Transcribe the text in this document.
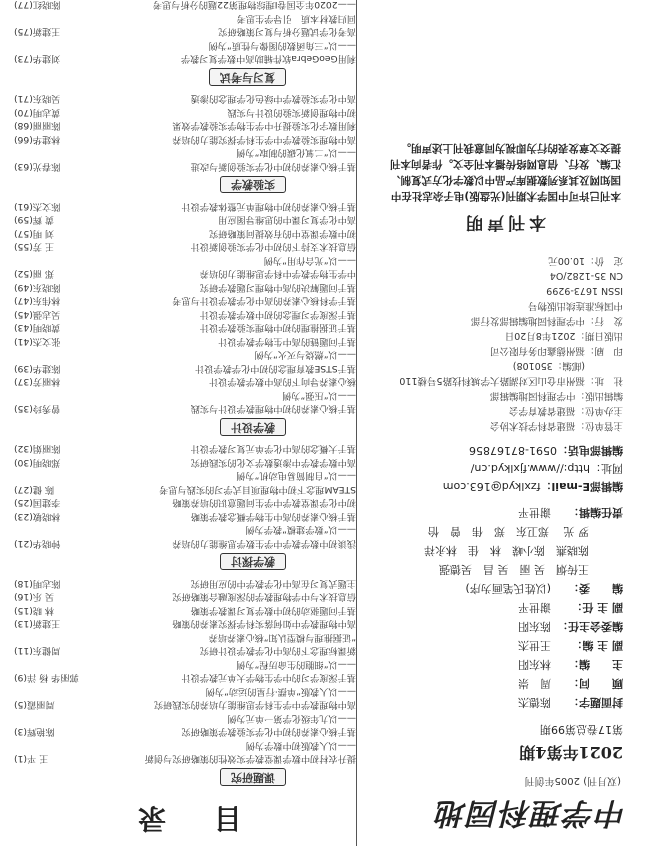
中学理科园地
(双月刊) 2005年创刊
2021年第4期
第17卷总第99期
封面题字：陈德杰
顾　　问：周　崇
主　　编：林东阳
副 主 编：王世杰
编委会主任：陈东阳
副 主 任：谢世平
编　　委：(以姓氏笔画为序)
王传炯　吴 丽　吴 昌　吴德强
陈晓燕　陈小嵘　林　佳　林永祥
罗 光 　郑卫东　郑　伟　曾　怡
责任编辑：谢世平
编辑部E-mail：fzxlkyd@163.com
网址：http://www.fjxlkyd.cn/
编辑部电话：0591-87167856
主管单位：福建省科学技术协会
主办单位：福建省教育学会
编辑出版：中学理科园地编辑部
社　址：福州市仓山区对湖路大学城科技路5号楼110
　　　　(邮编：350108)
印　刷：福州德鑫印务有限公司
出版日期：2021年8月20日
发　行：中学理科园地编辑部发行部
中国标准连续出版物号
ISSN 1673-9299
CN 35-1282/O4
定　价：10.00元
本刊声明
本刊已许可中国学术期刊(光盘版)电子杂志社在中国知网及其系列数据库产品中以数字化方式复制、汇编、发行、信息网络传播本刊全文。作者向本刊提交文章发表的行为即视为同意我刊上述声明。
目　录
课题研究
提升农村初中数学课堂教学实效性的策略研究与创新
王 平(1)
——以人教版初中数学为例
基于核心素养的初中化学实验教学策略研究
陈艳辉(3)
——以九年级化学第一单元为例
高中物理教学中学生科学思维能力培养的实践研究
周丽霞(5)
——以人教版“单摆·行星的运动”为例
基于深度学习的中学生物学大单元教学设计
郭丽华 杨 洋(9)
——以“细胞的生命历程”为例
新课标理念下的高中化学教学设计研究
周健东(11)
“证据推理与模型认知”核心素养培养
高中物理教学中如何落实科学探究素养的策略
王建新(13)
基于问题驱动的初中数学复习课教学策略
林 晓(15)
信息技术与中学物理教学的深度融合策略研究
吴 乐(16)
主题式复习在高中化学教学中的应用研究
陈志明(18)
教学探讨
浅谈初中数学教学中学生数学思维能力的培养
钟晓华(21)
——以“数学建模”教学为例
基于核心素养的高中生物学概念教学策略
林晓敏(23)
初中化学课堂教学中学生问题意识的培养策略
李建国(25)
STEAM理念下初中物理项目式学习的实践与思考
陈 健(27)
——以“自制简易电动机”为例
高中数学教学中渗透数学文化的实践研究
郑晓明(30)
基于大概念的高中化学单元复习教学设计
陈丽娟(32)
教学设计
基于核心素养的初中物理教学设计与实践
曾秀玲(35)
——以“压强”为例
核心素养导向下的高中数学教学设计
林丽芳(37)
基于STSE教育理念的初中化学教学设计
陈建华(39)
——以“燃烧与灭火”为例
基于问题链的高中生物学教学设计
张文杰(41)
基于证据推理的初中物理实验教学设计
黄晓明(43)
基于深度学习理念的初中数学教学设计
吴志强(45)
基于学科核心素养的高中化学教学设计与思考
林伟东(47)
基于问题解决的高中物理习题教学研究
陈晓东(49)
中学生物学教学中科学思维能力的培养
郑 丽(52)
——以“光合作用”为例
信息技术支持下的初中化学实验创新设计
王 芳(55)
初中数学课堂中的有效提问策略研究
刘 明(57)
高中化学复习课中的思维导图应用
黄 辉(59)
基于核心素养的初中物理单元整体教学设计
陈文杰(61)
实验教学
基于核心素养的初中化学实验创新与改进
陈春光(63)
——以“二氧化碳的制取”为例
高中物理实验教学中学生科学探究能力的培养
林建华(66)
利用数字化实验提升中学生物学实验教学效果
陈丽丽(68)
初中物理创新实验的设计与实践
黄志明(70)
高中化学实验教学中绿色化学理念的渗透
吴晓东(71)
复习与考试
利用GeoGebra软件辅助高中数学复习教学
刘建华(73)
——以“三角函数的图像与性质”为例
高考化学试题分析与复习策略研究
王建新(75)
回归教材本质　引导学生思考
——2020年全国卷I理综物理第22题的分析与思考
陈晓红(77)
